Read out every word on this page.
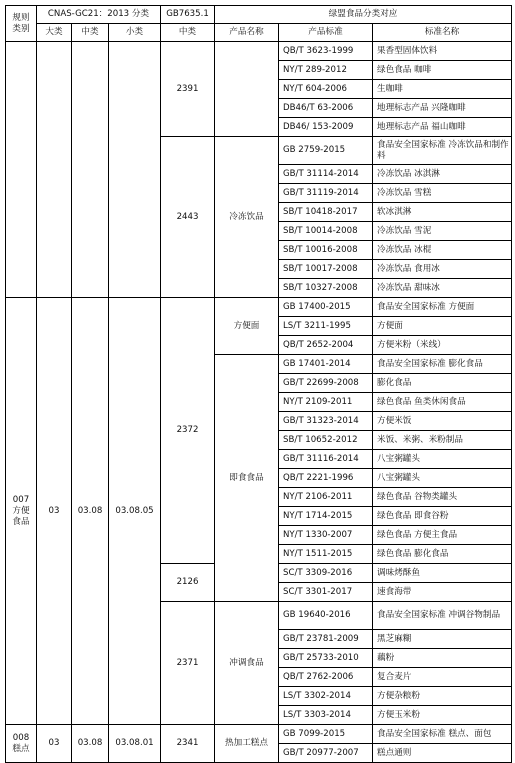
规则
类别	CNAS-GC21：2013 分类			GB7635.1	绿盟食品分类对应		
	大类	中类	小类	中类	产品名称	产品标准	标准名称
				2391		QB/T 3623-1999	果香型固体饮料
						NY/T 289-2012	绿色食品 咖啡
						NY/T 604-2006	生咖啡
						DB46/T 63-2006	地理标志产品 兴隆咖啡
						DB46/ 153-2009	地理标志产品 福山咖啡
				2443	冷冻饮品	GB 2759-2015	食品安全国家标准 冷冻饮品和制作料
						GB/T 31114-2014	冷冻饮品 冰淇淋
						GB/T 31119-2014	冷冻饮品 雪糕
						SB/T 10418-2017	软冰淇淋
						SB/T 10014-2008	冷冻饮品 雪泥
						SB/T 10016-2008	冷冻饮品 冰棍
						SB/T 10017-2008	冷冻饮品 食用冰
						SB/T 10327-2008	冷冻饮品 甜味冰
007
方便
食品	03	03.08	03.08.05	2372	方便面	GB 17400-2015	食品安全国家标准 方便面
						LS/T 3211-1995	方便面
						QB/T 2652-2004	方便米粉（米线）
					即食食品	GB 17401-2014	食品安全国家标准 膨化食品
						GB/T 22699-2008	膨化食品
						NY/T 2109-2011	绿色食品 鱼类休闲食品
						GB/T 31323-2014	方便米饭
						SB/T 10652-2012	米饭、米粥、米粉制品
						GB/T 31116-2014	八宝粥罐头
						QB/T 2221-1996	八宝粥罐头
						NY/T 2106-2011	绿色食品 谷物类罐头
						NY/T 1714-2015	绿色食品 即食谷粉
						NY/T 1330-2007	绿色食品 方便主食品
						NY/T 1511-2015	绿色食品 膨化食品
				2126		SC/T 3309-2016	调味烤酥鱼
						SC/T 3301-2017	速食海带
				2371	冲调食品	GB 19640-2016	食品安全国家标准 冲调谷物制品
						GB/T 23781-2009	黑芝麻糊
						GB/T 25733-2010	藕粉
						QB/T 2762-2006	复合麦片
						LS/T 3302-2014	方便杂粮粉
						LS/T 3303-2014	方便玉米粉
008
糕点	03	03.08	03.08.01	2341	热加工糕点	GB 7099-2015	食品安全国家标准 糕点、面包
						GB/T 20977-2007	糕点通则
